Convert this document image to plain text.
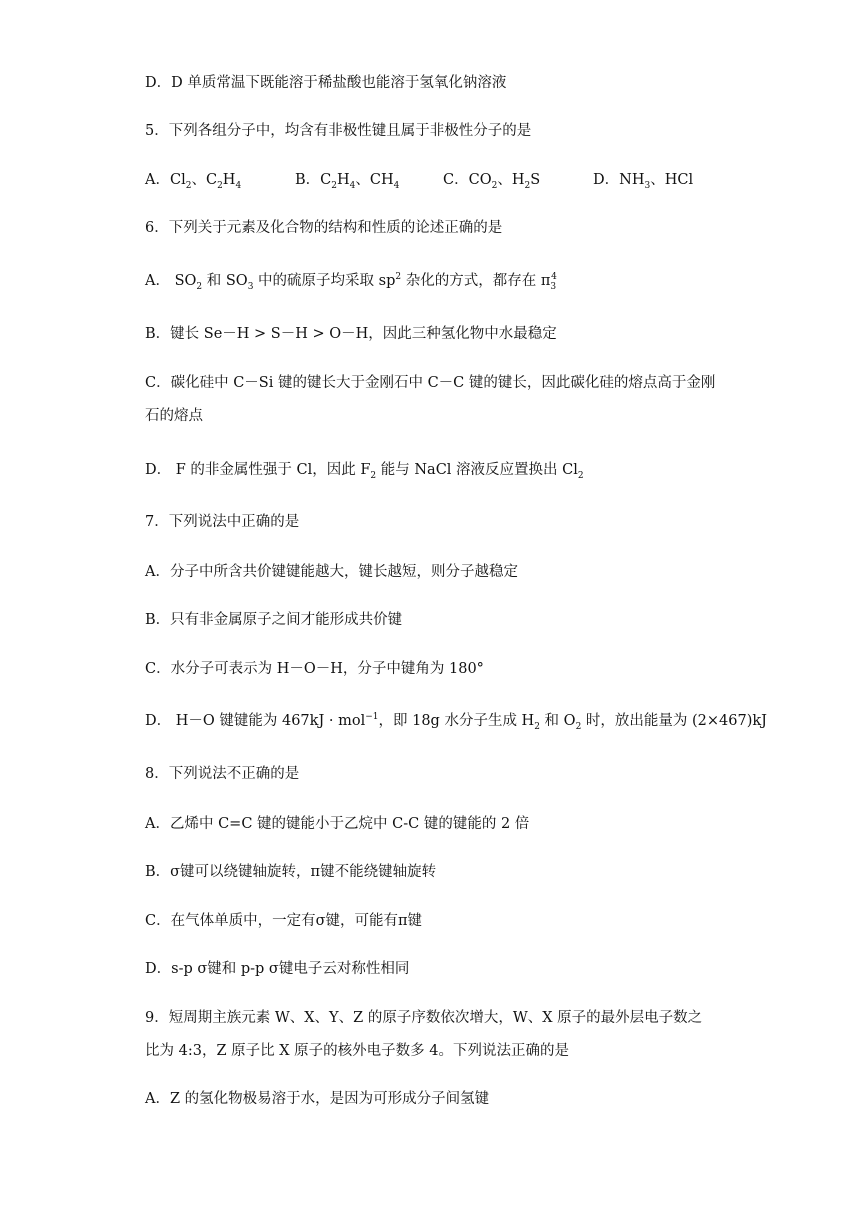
D．D 单质常温下既能溶于稀盐酸也能溶于氢氧化钠溶液
5．下列各组分子中，均含有非极性键且属于非极性分子的是
A．$Cl_2$、$C_2H_4$	B．$C_2H_4$、$CH_4$	C．$CO_2$、$H_2S$	D．$NH_3$、HCl
6．下列关于元素及化合物的结构和性质的论述正确的是
A． $SO_2$ 和 $SO_3$ 中的硫原子均采取 $sp^2$ 杂化的方式，都存在 $\pi_3^4$
B．键长 Se－H > S－H > O－H，因此三种氢化物中水最稳定
C．碳化硅中 C－Si 键的键长大于金刚石中 C－C 键的键长，因此碳化硅的熔点高于金刚
石的熔点
D． F 的非金属性强于 Cl，因此 $F_2$ 能与 NaCl 溶液反应置换出 $Cl_2$
7．下列说法中正确的是
A．分子中所含共价键键能越大，键长越短，则分子越稳定
B．只有非金属原子之间才能形成共价键
C．水分子可表示为 H－O－H，分子中键角为 180°
D． H－O 键键能为 467kJ · mol$^{-1}$，即 18g 水分子生成 $H_2$ 和 $O_2$ 时，放出能量为 (2×467)kJ
8．下列说法不正确的是
A．乙烯中 C=C 键的键能小于乙烷中 C-C 键的键能的 2 倍
B．σ键可以绕键轴旋转，π键不能绕键轴旋转
C．在气体单质中，一定有σ键，可能有π键
D．s-p σ键和 p-p σ键电子云对称性相同
9．短周期主族元素 W、X、Y、Z 的原子序数依次增大，W、X 原子的最外层电子数之
比为 4:3，Z 原子比 X 原子的核外电子数多 4。下列说法正确的是
A．Z 的氢化物极易溶于水，是因为可形成分子间氢键
